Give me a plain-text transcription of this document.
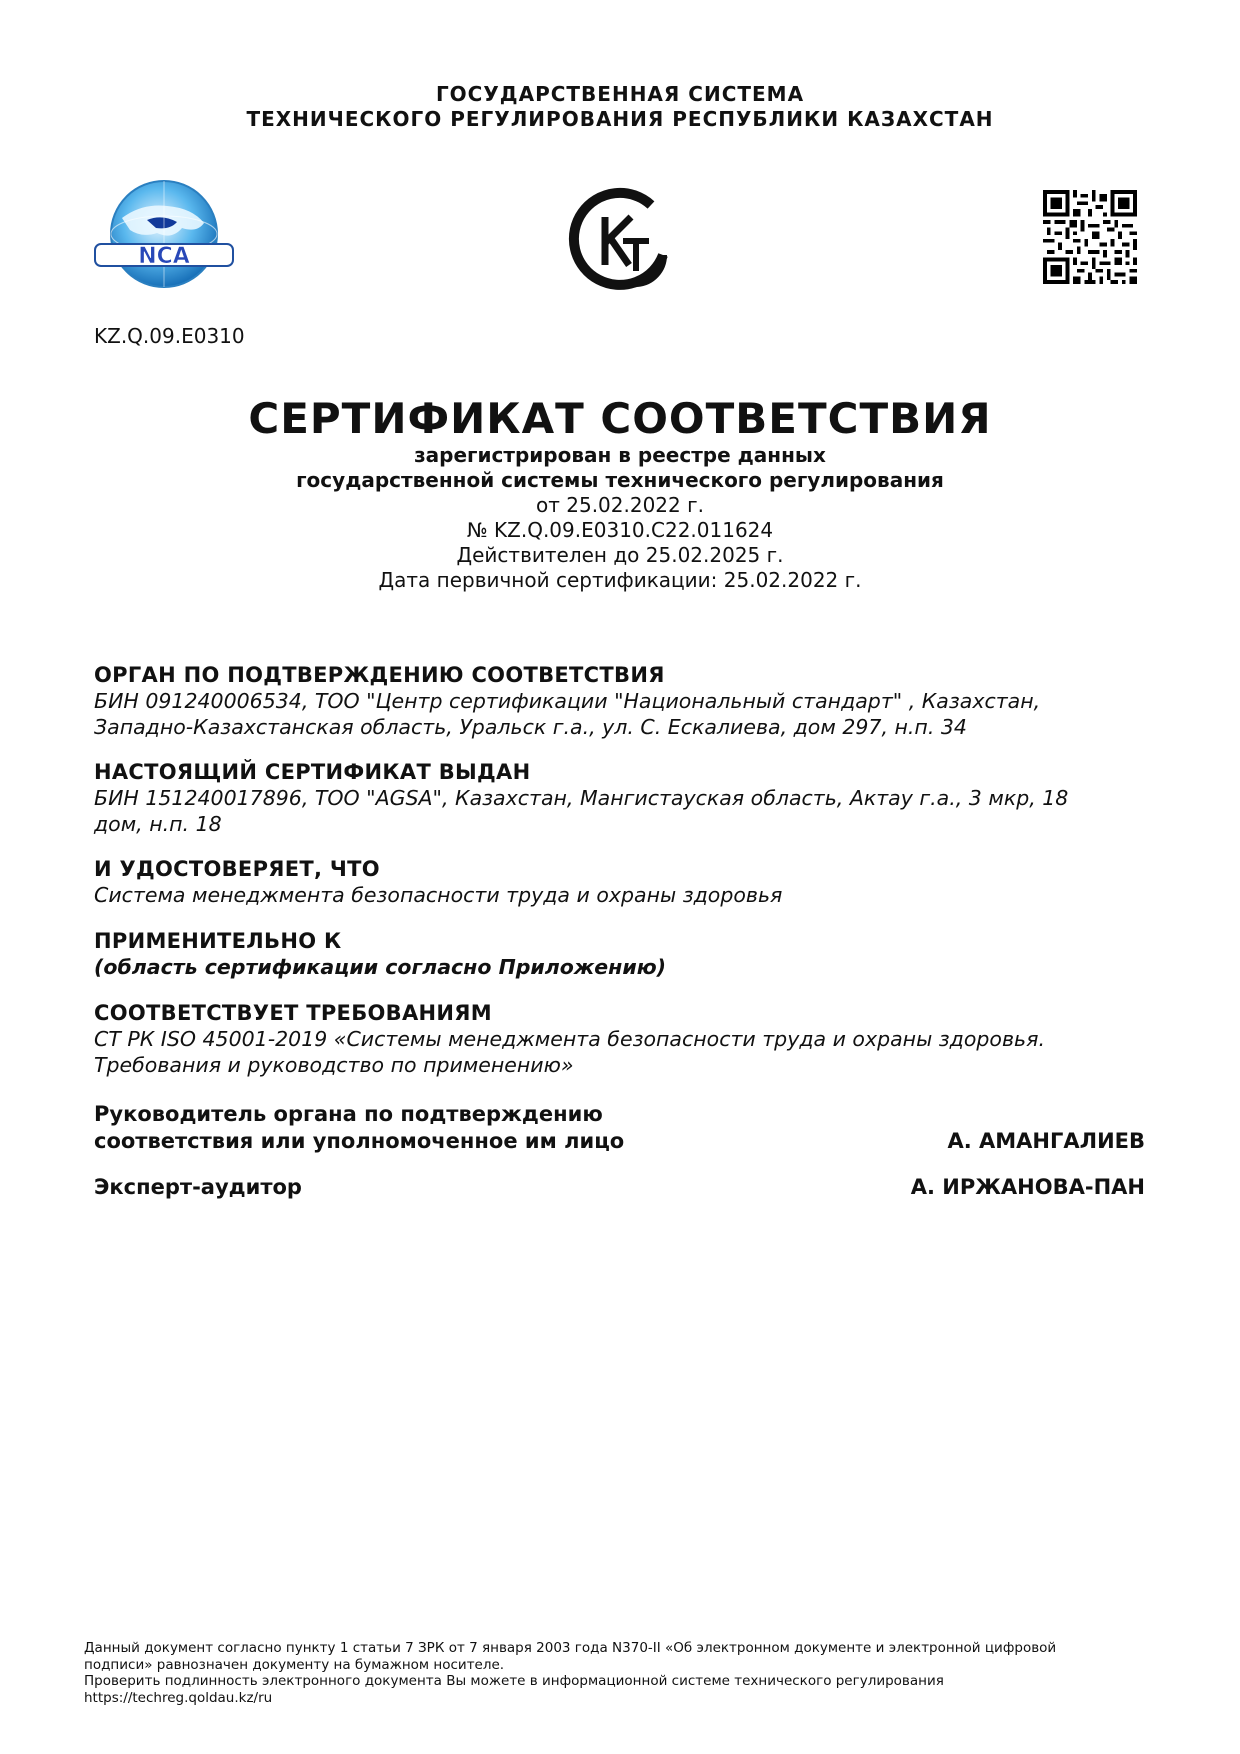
ГОСУДАРСТВЕННАЯ СИСТЕМА
ТЕХНИЧЕСКОГО РЕГУЛИРОВАНИЯ РЕСПУБЛИКИ КАЗАХСТАН
NCA
KZ.Q.09.E0310
СЕРТИФИКАТ СООТВЕТСТВИЯ
зарегистрирован в реестре данных
государственной системы технического регулирования
от 25.02.2022 г.
№ KZ.Q.09.E0310.C22.011624
Действителен до 25.02.2025 г.
Дата первичной сертификации: 25.02.2022 г.
ОРГАН ПО ПОДТВЕРЖДЕНИЮ СООТВЕТСТВИЯ
БИН 091240006534, ТОО "Центр сертификации "Национальный стандарт" , Казахстан,
Западно-Казахстанская область, Уральск г.а., ул. С. Ескалиева, дом 297, н.п. 34
НАСТОЯЩИЙ СЕРТИФИКАТ ВЫДАН
БИН 151240017896, ТОО "AGSA", Казахстан, Мангистауская область, Актау г.а., 3 мкр, 18
дом, н.п. 18
И УДОСТОВЕРЯЕТ, ЧТО
Система менеджмента безопасности труда и охраны здоровья
ПРИМЕНИТЕЛЬНО К
(область сертификации согласно Приложению)
СООТВЕТСТВУЕТ ТРЕБОВАНИЯМ
СТ РК ISO 45001-2019 «Системы менеджмента безопасности труда и охраны здоровья.
Требования и руководство по применению»
Руководитель органа по подтверждению
соответствия или уполномоченное им лицо	А. АМАНГАЛИЕВ
Эксперт-аудитор	А. ИРЖАНОВА-ПАН
Данный документ согласно пункту 1 статьи 7 ЗРК от 7 января 2003 года N370-II «Об электронном документе и электронной цифровой
подписи» равнозначен документу на бумажном носителе.
Проверить подлинность электронного документа Вы можете в информационной системе технического регулирования
https://techreg.qoldau.kz/ru
